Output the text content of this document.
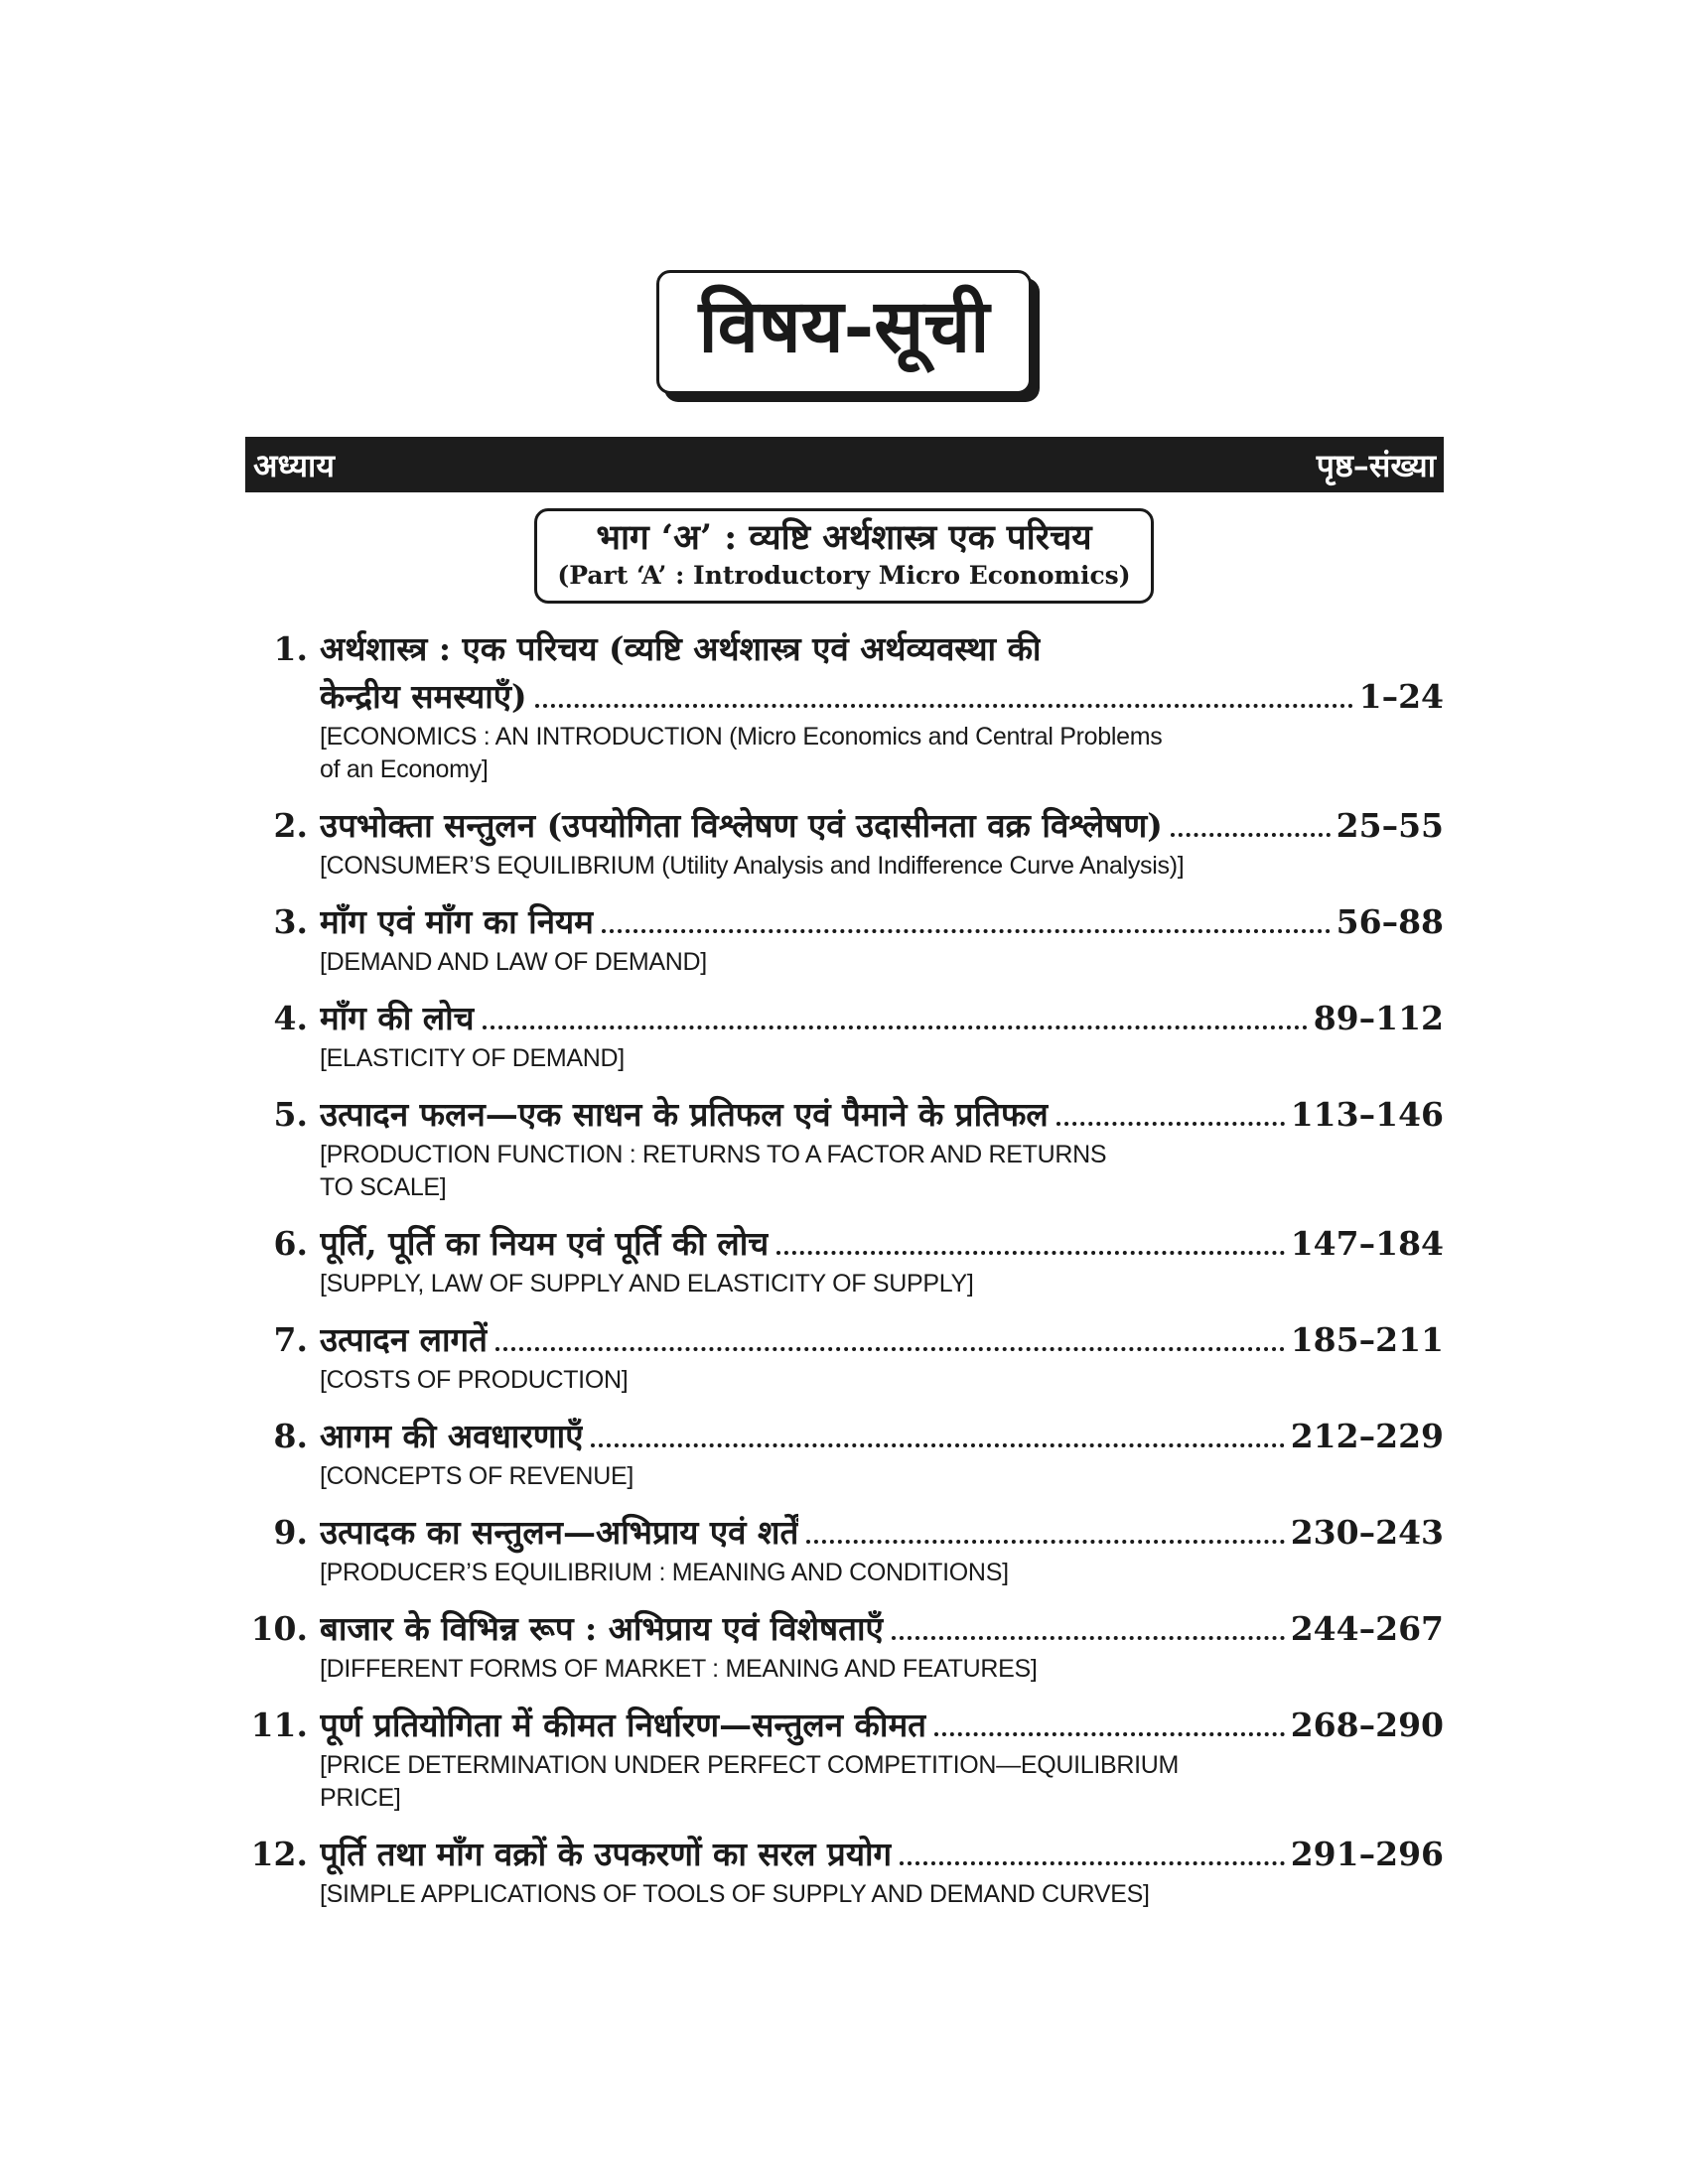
विषय-सूची
अध्याय	पृष्ठ–संख्या
भाग ‘अ’ : व्यष्टि अर्थशास्त्र एक परिचय
(Part ‘A’ : Introductory Micro Economics)
1. अर्थशास्त्र : एक परिचय (व्यष्टि अर्थशास्त्र एवं अर्थव्यवस्था की
केन्द्रीय समस्याएँ)	1–24
[ECONOMICS : AN INTRODUCTION (Micro Economics and Central Problems
of an Economy]
2. उपभोक्ता सन्तुलन (उपयोगिता विश्लेषण एवं उदासीनता वक्र विश्लेषण)	25–55
[CONSUMER’S EQUILIBRIUM (Utility Analysis and Indifference Curve Analysis)]
3. माँग एवं माँग का नियम	56–88
[DEMAND AND LAW OF DEMAND]
4. माँग की लोच	89–112
[ELASTICITY OF DEMAND]
5. उत्पादन फलन—एक साधन के प्रतिफल एवं पैमाने के प्रतिफल	113–146
[PRODUCTION FUNCTION : RETURNS TO A FACTOR AND RETURNS
TO SCALE]
6. पूर्ति, पूर्ति का नियम एवं पूर्ति की लोच	147–184
[SUPPLY, LAW OF SUPPLY AND ELASTICITY OF SUPPLY]
7. उत्पादन लागतें	185–211
[COSTS OF PRODUCTION]
8. आगम की अवधारणाएँ	212–229
[CONCEPTS OF REVENUE]
9. उत्पादक का सन्तुलन—अभिप्राय एवं शर्तें	230–243
[PRODUCER’S EQUILIBRIUM : MEANING AND CONDITIONS]
10. बाजार के विभिन्न रूप : अभिप्राय एवं विशेषताएँ	244–267
[DIFFERENT FORMS OF MARKET : MEANING AND FEATURES]
11. पूर्ण प्रतियोगिता में कीमत निर्धारण—सन्तुलन कीमत	268–290
[PRICE DETERMINATION UNDER PERFECT COMPETITION—EQUILIBRIUM
PRICE]
12. पूर्ति तथा माँग वक्रों के उपकरणों का सरल प्रयोग	291–296
[SIMPLE APPLICATIONS OF TOOLS OF SUPPLY AND DEMAND CURVES]
